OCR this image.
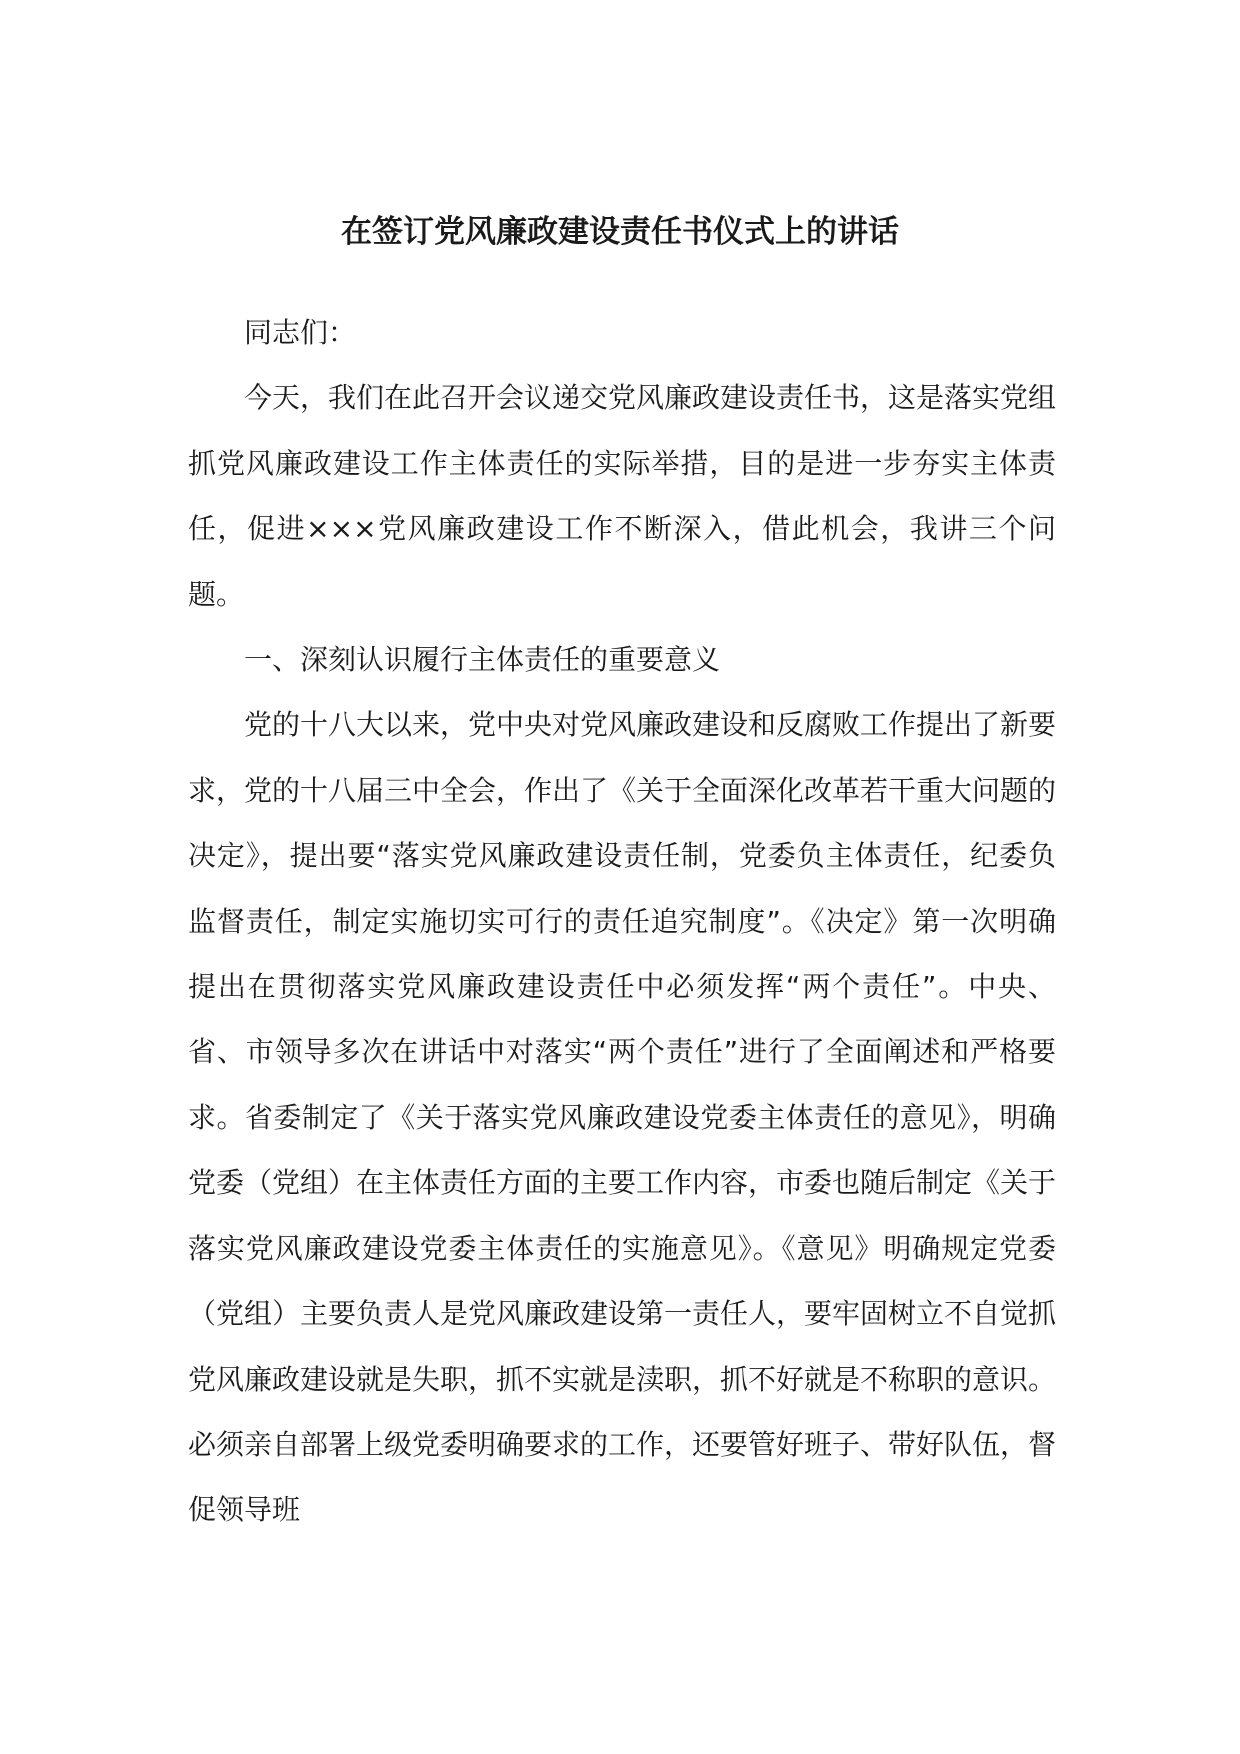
在签订党风廉政建设责任书仪式上的讲话

同志们：

今天，我们在此召开会议递交党风廉政建设责任书，这是落实党组抓党风廉政建设工作主体责任的实际举措，目的是进一步夯实主体责任，促进×××党风廉政建设工作不断深入，借此机会，我讲三个问题。

一、深刻认识履行主体责任的重要意义

党的十八大以来，党中央对党风廉政建设和反腐败工作提出了新要求，党的十八届三中全会，作出了《关于全面深化改革若干重大问题的决定》，提出要“落实党风廉政建设责任制，党委负主体责任，纪委负监督责任，制定实施切实可行的责任追究制度”。《决定》第一次明确提出在贯彻落实党风廉政建设责任中必须发挥“两个责任”。中央、省、市领导多次在讲话中对落实“两个责任”进行了全面阐述和严格要求。省委制定了《关于落实党风廉政建设党委主体责任的意见》，明确党委（党组）在主体责任方面的主要工作内容，市委也随后制定《关于落实党风廉政建设党委主体责任的实施意见》。《意见》明确规定党委（党组）主要负责人是党风廉政建设第一责任人，要牢固树立不自觉抓党风廉政建设就是失职，抓不实就是渎职，抓不好就是不称职的意识。必须亲自部署上级党委明确要求的工作，还要管好班子、带好队伍，督促领导班
